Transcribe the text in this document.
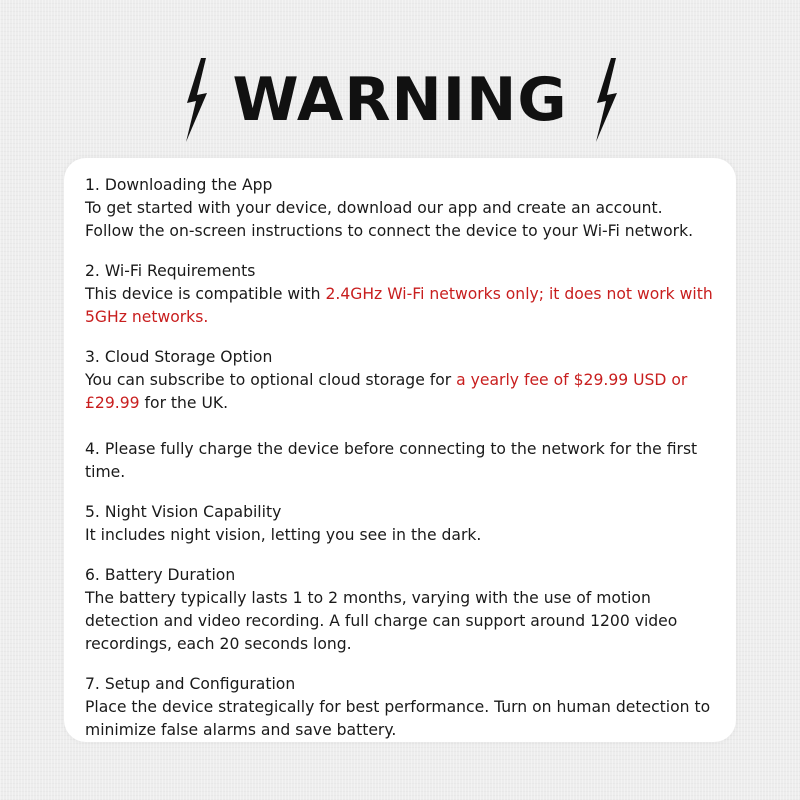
WARNING
1. Downloading the App
To get started with your device, download our app and create an account.
Follow the on-screen instructions to connect the device to your Wi-Fi network.
2. Wi-Fi Requirements
This device is compatible with 2.4GHz Wi-Fi networks only; it does not work with 5GHz networks.
3. Cloud Storage Option
You can subscribe to optional cloud storage for a yearly fee of $29.99 USD or £29.99 for the UK.
4. Please fully charge the device before connecting to the network for the first time.
5. Night Vision Capability
It includes night vision, letting you see in the dark.
6. Battery Duration
The battery typically lasts 1 to 2 months, varying with the use of motion detection and video recording. A full charge can support around 1200 video recordings, each 20 seconds long.
7. Setup and Configuration
Place the device strategically for best performance. Turn on human detection to minimize false alarms and save battery.
